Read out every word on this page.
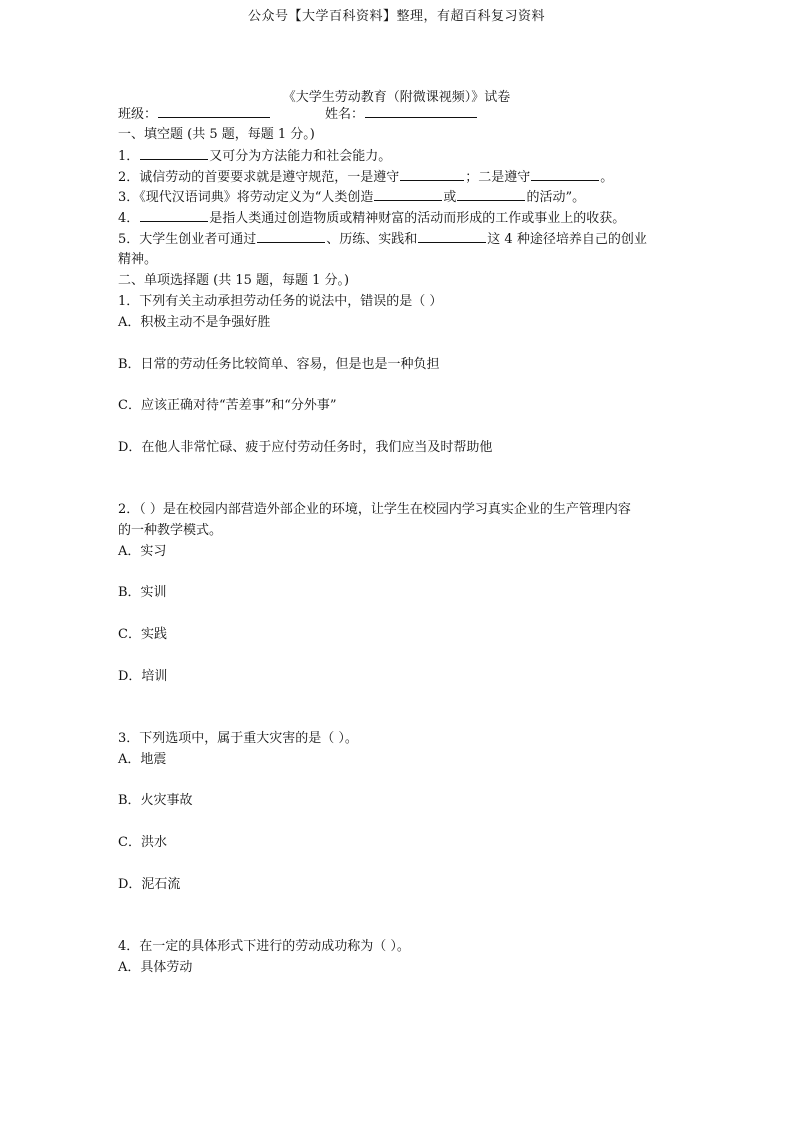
公众号【大学百科资料】整理，有超百科复习资料
《大学生劳动教育（附微课视频）》试卷
班级：	姓名：
一、填空题 (共 5 题，每题 1 分。)
1．	又可分为方法能力和社会能力。
2．诚信劳动的首要要求就是遵守规范，一是遵守	；二是遵守	。
3．《现代汉语词典》将劳动定义为“人类创造	或	的活动”。
4．	是指人类通过创造物质或精神财富的活动而形成的工作或事业上的收获。
5．大学生创业者可通过	、历练、实践和	这 4 种途径培养自己的创业
精神。
二、单项选择题 (共 15 题，每题 1 分。)
1．下列有关主动承担劳动任务的说法中，错误的是（ ）
A．积极主动不是争强好胜
B．日常的劳动任务比较简单、容易，但是也是一种负担
C．应该正确对待“苦差事”和“分外事”
D．在他人非常忙碌、疲于应付劳动任务时，我们应当及时帮助他
2．（ ）是在校园内部营造外部企业的环境，让学生在校园内学习真实企业的生产管理内容
的一种教学模式。
A．实习
B．实训
C．实践
D．培训
3．下列选项中，属于重大灾害的是（ ）。
A．地震
B．火灾事故
C．洪水
D．泥石流
4．在一定的具体形式下进行的劳动成功称为（ ）。
A．具体劳动
